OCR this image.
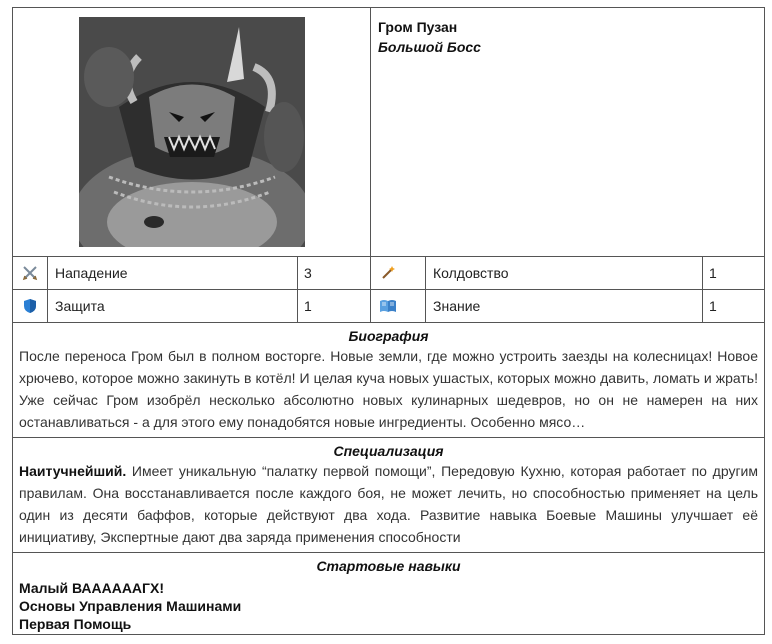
Гром Пузан
Большой Босс
Нападение	3	Колдовство	1
Защита	1	Знание	1
Биография
После переноса Гром был в полном восторге. Новые земли, где можно устроить заезды на колесницах! Новое хрючево, которое можно закинуть в котёл! И целая куча новых ушастых, которых можно давить, ломать и жрать! Уже сейчас Гром изобрёл несколько абсолютно новых кулинарных шедевров, но он не намерен на них останавливаться - а для этого ему понадобятся новые ингредиенты. Особенно мясо…
Специализация
Наитучнейший. Имеет уникальную “палатку первой помощи”, Передовую Кухню, которая работает по другим правилам. Она восстанавливается после каждого боя, не может лечить, но способностью применяет на цель один из десяти баффов, которые действуют два хода. Развитие навыка Боевые Машины улучшает её инициативу, Экспертные дают два заряда применения способности
Стартовые навыки
Малый ВААААААГХ!
Основы Управления Машинами
Первая Помощь
